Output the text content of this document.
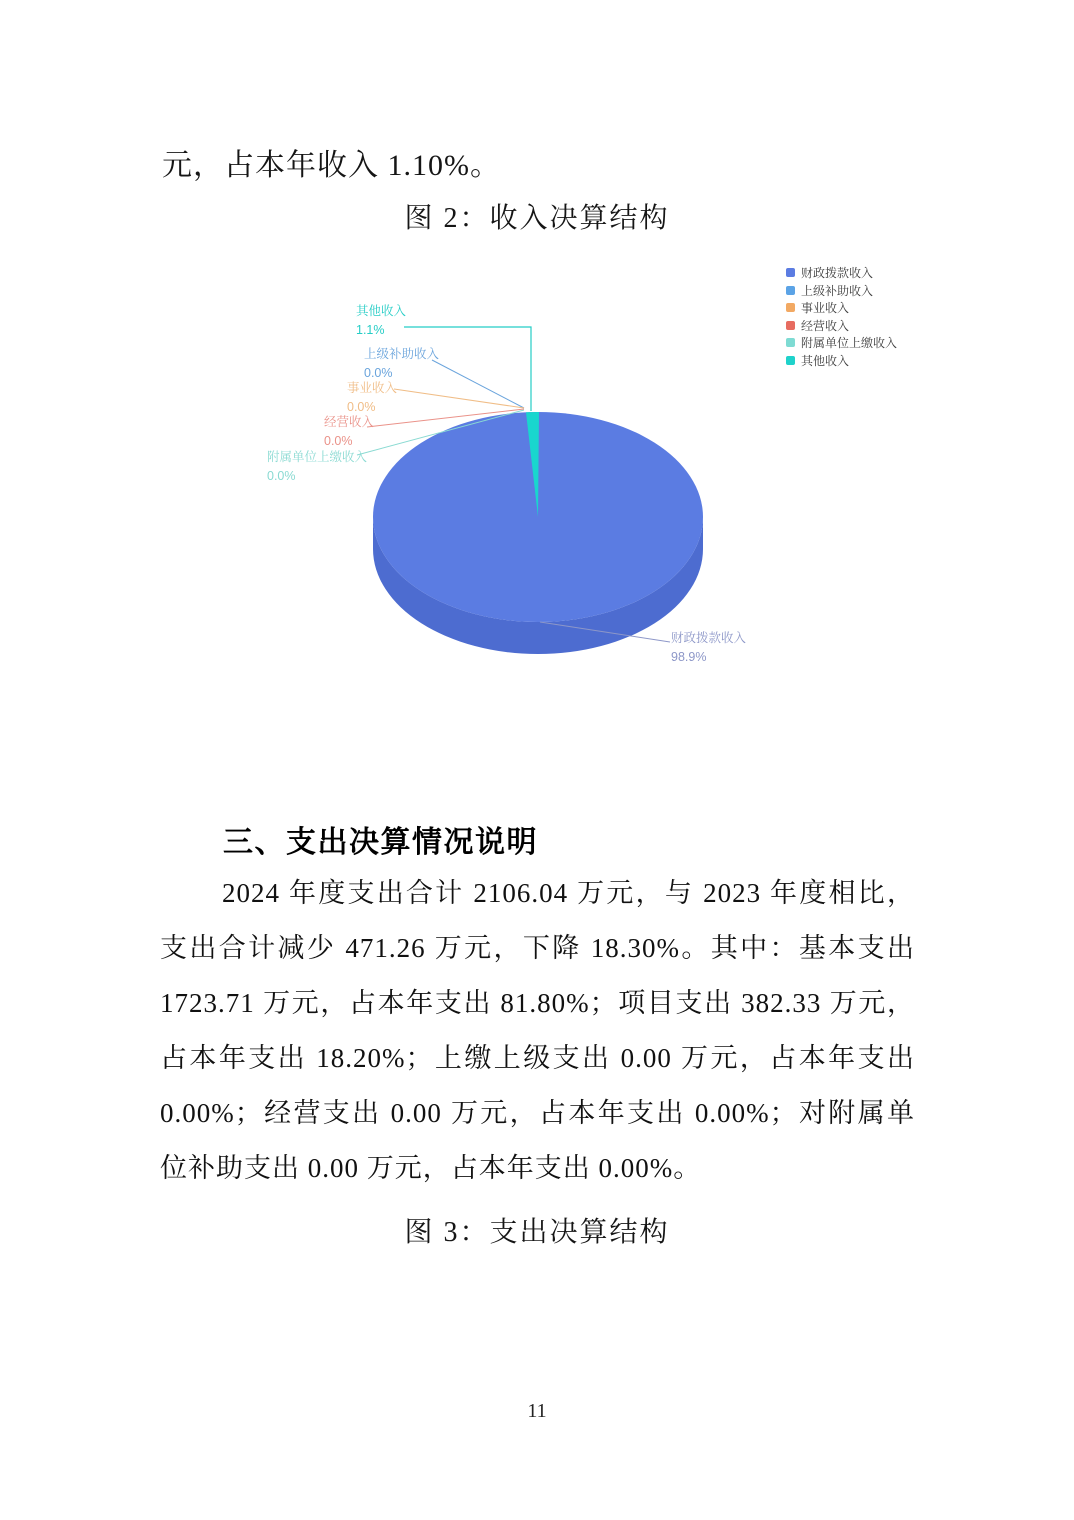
元，占本年收入 1.10%。
图 2：收入决算结构
其他收入
1.1%
上级补助收入
0.0%
事业收入
0.0%
经营收入
0.0%
附属单位上缴收入
0.0%
财政拨款收入
98.9%
财政拨款收入
上级补助收入
事业收入
经营收入
附属单位上缴收入
其他收入
三、支出决算情况说明
2024 年度支出合计 2106.04 万元，与 2023 年度相比，
支出合计减少 471.26 万元，下降 18.30%。其中：基本支出
1723.71 万元，占本年支出 81.80%；项目支出 382.33 万元，
占本年支出 18.20%；上缴上级支出 0.00 万元，占本年支出
0.00%；经营支出 0.00 万元，占本年支出 0.00%；对附属单
位补助支出 0.00 万元，占本年支出 0.00%。
图 3：支出决算结构
11
